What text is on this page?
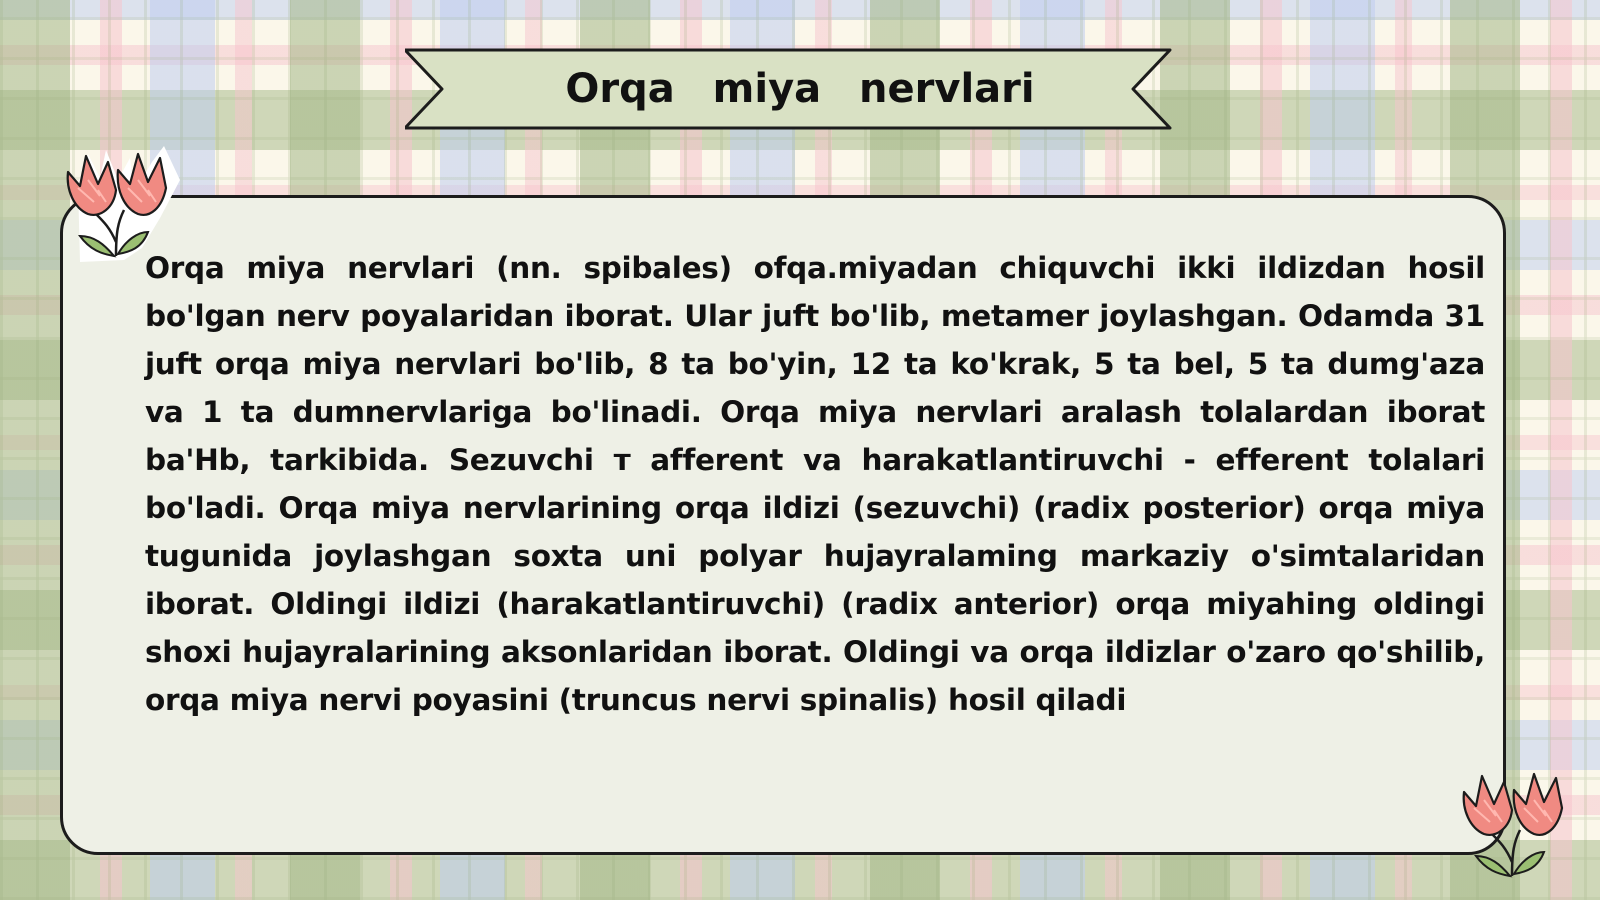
Orqa miya nervlari

Orqa miya nervlari (nn. spibales) ofqa.miyadan chiquvchi ikki ildizdan hosil bo'lgan nerv poyalaridan iborat. Ular juft bo'lib, metamer joylashgan. Odamda 31 juft orqa miya nervlari bo'lib, 8 ta bo'yin, 12 ta ko'krak, 5 ta bel, 5 ta dumg'aza va 1 ta dumnervlariga bo'linadi. Orqa miya nervlari aralash tolalardan iborat ba'Hb, tarkibida. Sezuvchi т afferent va harakatlantiruvchi - efferent tolalari bo'ladi. Orqa miya nervlarining orqa ildizi (sezuvchi) (radix posterior) orqa miya tugunida joylashgan soxta uni polyar hujayralaming markaziy o'simtalaridan iborat. Oldingi ildizi (harakatlantiruvchi) (radix anterior) orqa miyahing oldingi shoxi hujayralarining aksonlaridan iborat. Oldingi va orqa ildizlar o'zaro qo'shilib, orqa miya nervi poyasini (truncus nervi spinalis) hosil qiladi
